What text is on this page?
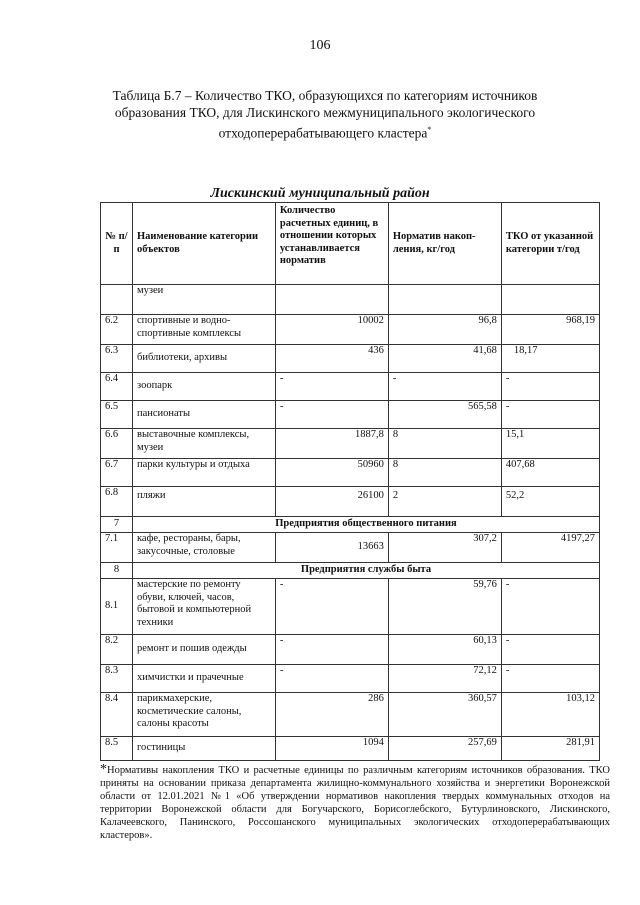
106
Таблица Б.7 – Количество ТКО, образующихся по категориям источников образования ТКО, для Лискинского межмуниципального экологического отходоперерабатывающего кластера*
Лискинский муниципальный район
№ п/п	Наименование категории объектов	Количество расчетных единиц, в отношении которых устанавливается норматив	Норматив накоп-ления, кг/год	ТКО от указанной категории т/год
	музеи			
6.2	спортивные и водно-спортивные комплексы	10002	96,8	968,19
6.3	библиотеки, архивы	436	41,68	18,17
6.4	зоопарк	-	-	-
6.5	пансионаты	-	565,58	-
6.6	выставочные комплексы, музеи	1887,8	8	15,1
6.7	парки культуры и отдыха	50960	8	407,68
6.8	пляжи	26100	2	52,2
7	Предприятия общественного питания			
7.1	кафе, рестораны, бары, закусочные, столовые	13663	307,2	4197,27
8	Предприятия службы быта			
8.1	мастерские по ремонту обуви, ключей, часов, бытовой и компьютерной техники	-	59,76	-
8.2	ремонт и пошив одежды	-	60,13	-
8.3	химчистки и прачечные	-	72,12	-
8.4	парикмахерские, косметические салоны, салоны красоты	286	360,57	103,12
8.5	гостиницы	1094	257,69	281,91
*Нормативы накопления ТКО и расчетные единицы по различным категориям источников образования. ТКО приняты на основании приказа департамента жилищно-коммунального хозяйства и энергетики Воронежской области от 12.01.2021 №1 «Об утверждении нормативов накопления твердых коммунальных отходов на территории Воронежской области для Богучарского, Борисоглебского, Бутурлиновского, Лискинского, Калачеевского, Панинского, Россошанского муниципальных экологических отходоперерабатывающих кластеров».
